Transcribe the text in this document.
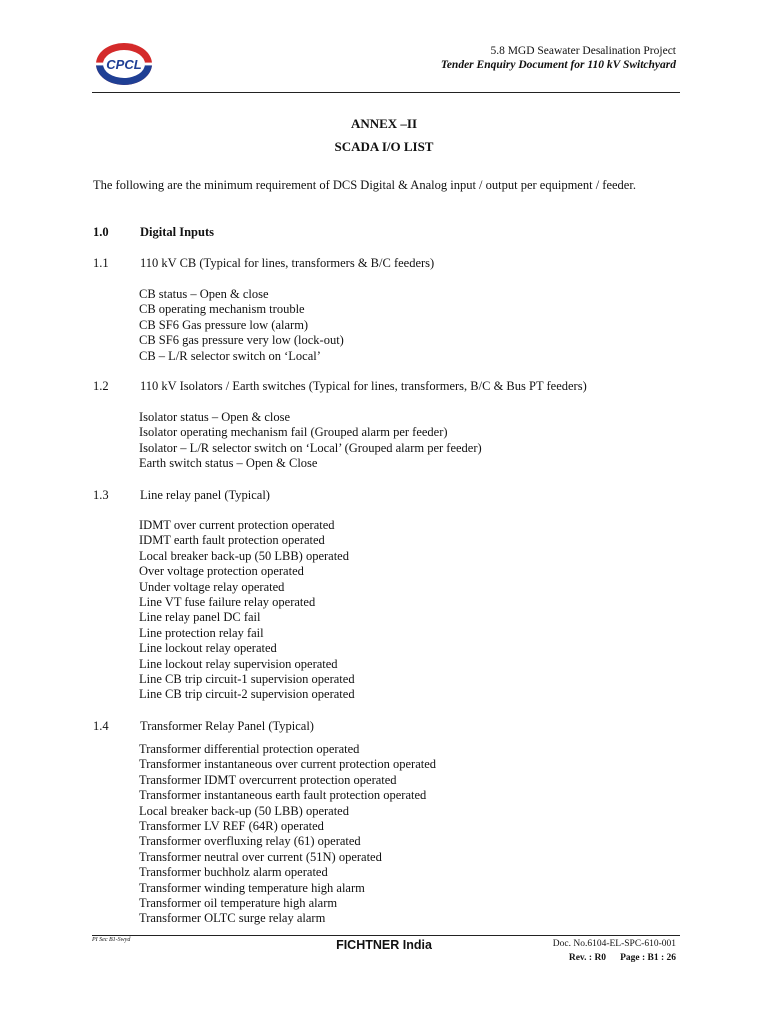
CPCL
5.8 MGD Seawater Desalination Project
Tender Enquiry Document for 110 kV Switchyard
ANNEX –II
SCADA I/O LIST
The following are the minimum requirement of DCS Digital & Analog input / output per equipment / feeder.
1.0	Digital Inputs
1.1	110 kV CB (Typical for lines, transformers & B/C feeders)
CB status – Open & close
CB operating mechanism trouble
CB SF6 Gas pressure low (alarm)
CB SF6 gas pressure very low (lock-out)
CB – L/R selector switch on ‘Local’
1.2	110 kV Isolators / Earth switches (Typical for lines, transformers, B/C & Bus PT feeders)
Isolator status – Open & close
Isolator operating mechanism fail (Grouped alarm per feeder)
Isolator – L/R selector switch on ‘Local’ (Grouped alarm per feeder)
Earth switch status – Open & Close
1.3	Line relay panel (Typical)
IDMT over current protection operated
IDMT earth fault protection operated
Local breaker back-up (50 LBB) operated
Over voltage protection operated
Under voltage relay operated
Line VT fuse failure relay operated
Line relay panel DC fail
Line protection relay fail
Line lockout relay operated
Line lockout relay supervision operated
Line CB trip circuit-1 supervision operated
Line CB trip circuit-2 supervision operated
1.4	Transformer Relay Panel (Typical)
Transformer differential protection operated
Transformer instantaneous over current protection operated
Transformer IDMT overcurrent protection operated
Transformer instantaneous earth fault protection operated
Local breaker back-up (50 LBB) operated
Transformer LV REF (64R) operated
Transformer overfluxing relay (61) operated
Transformer neutral over current (51N) operated
Transformer buchholz alarm operated
Transformer winding temperature high alarm
Transformer oil temperature high alarm
Transformer OLTC surge relay alarm
PI Sec B1-Swyd	FICHTNER India	Doc. No.6104-EL-SPC-610-001
Rev. : R0 Page : B1 : 26
